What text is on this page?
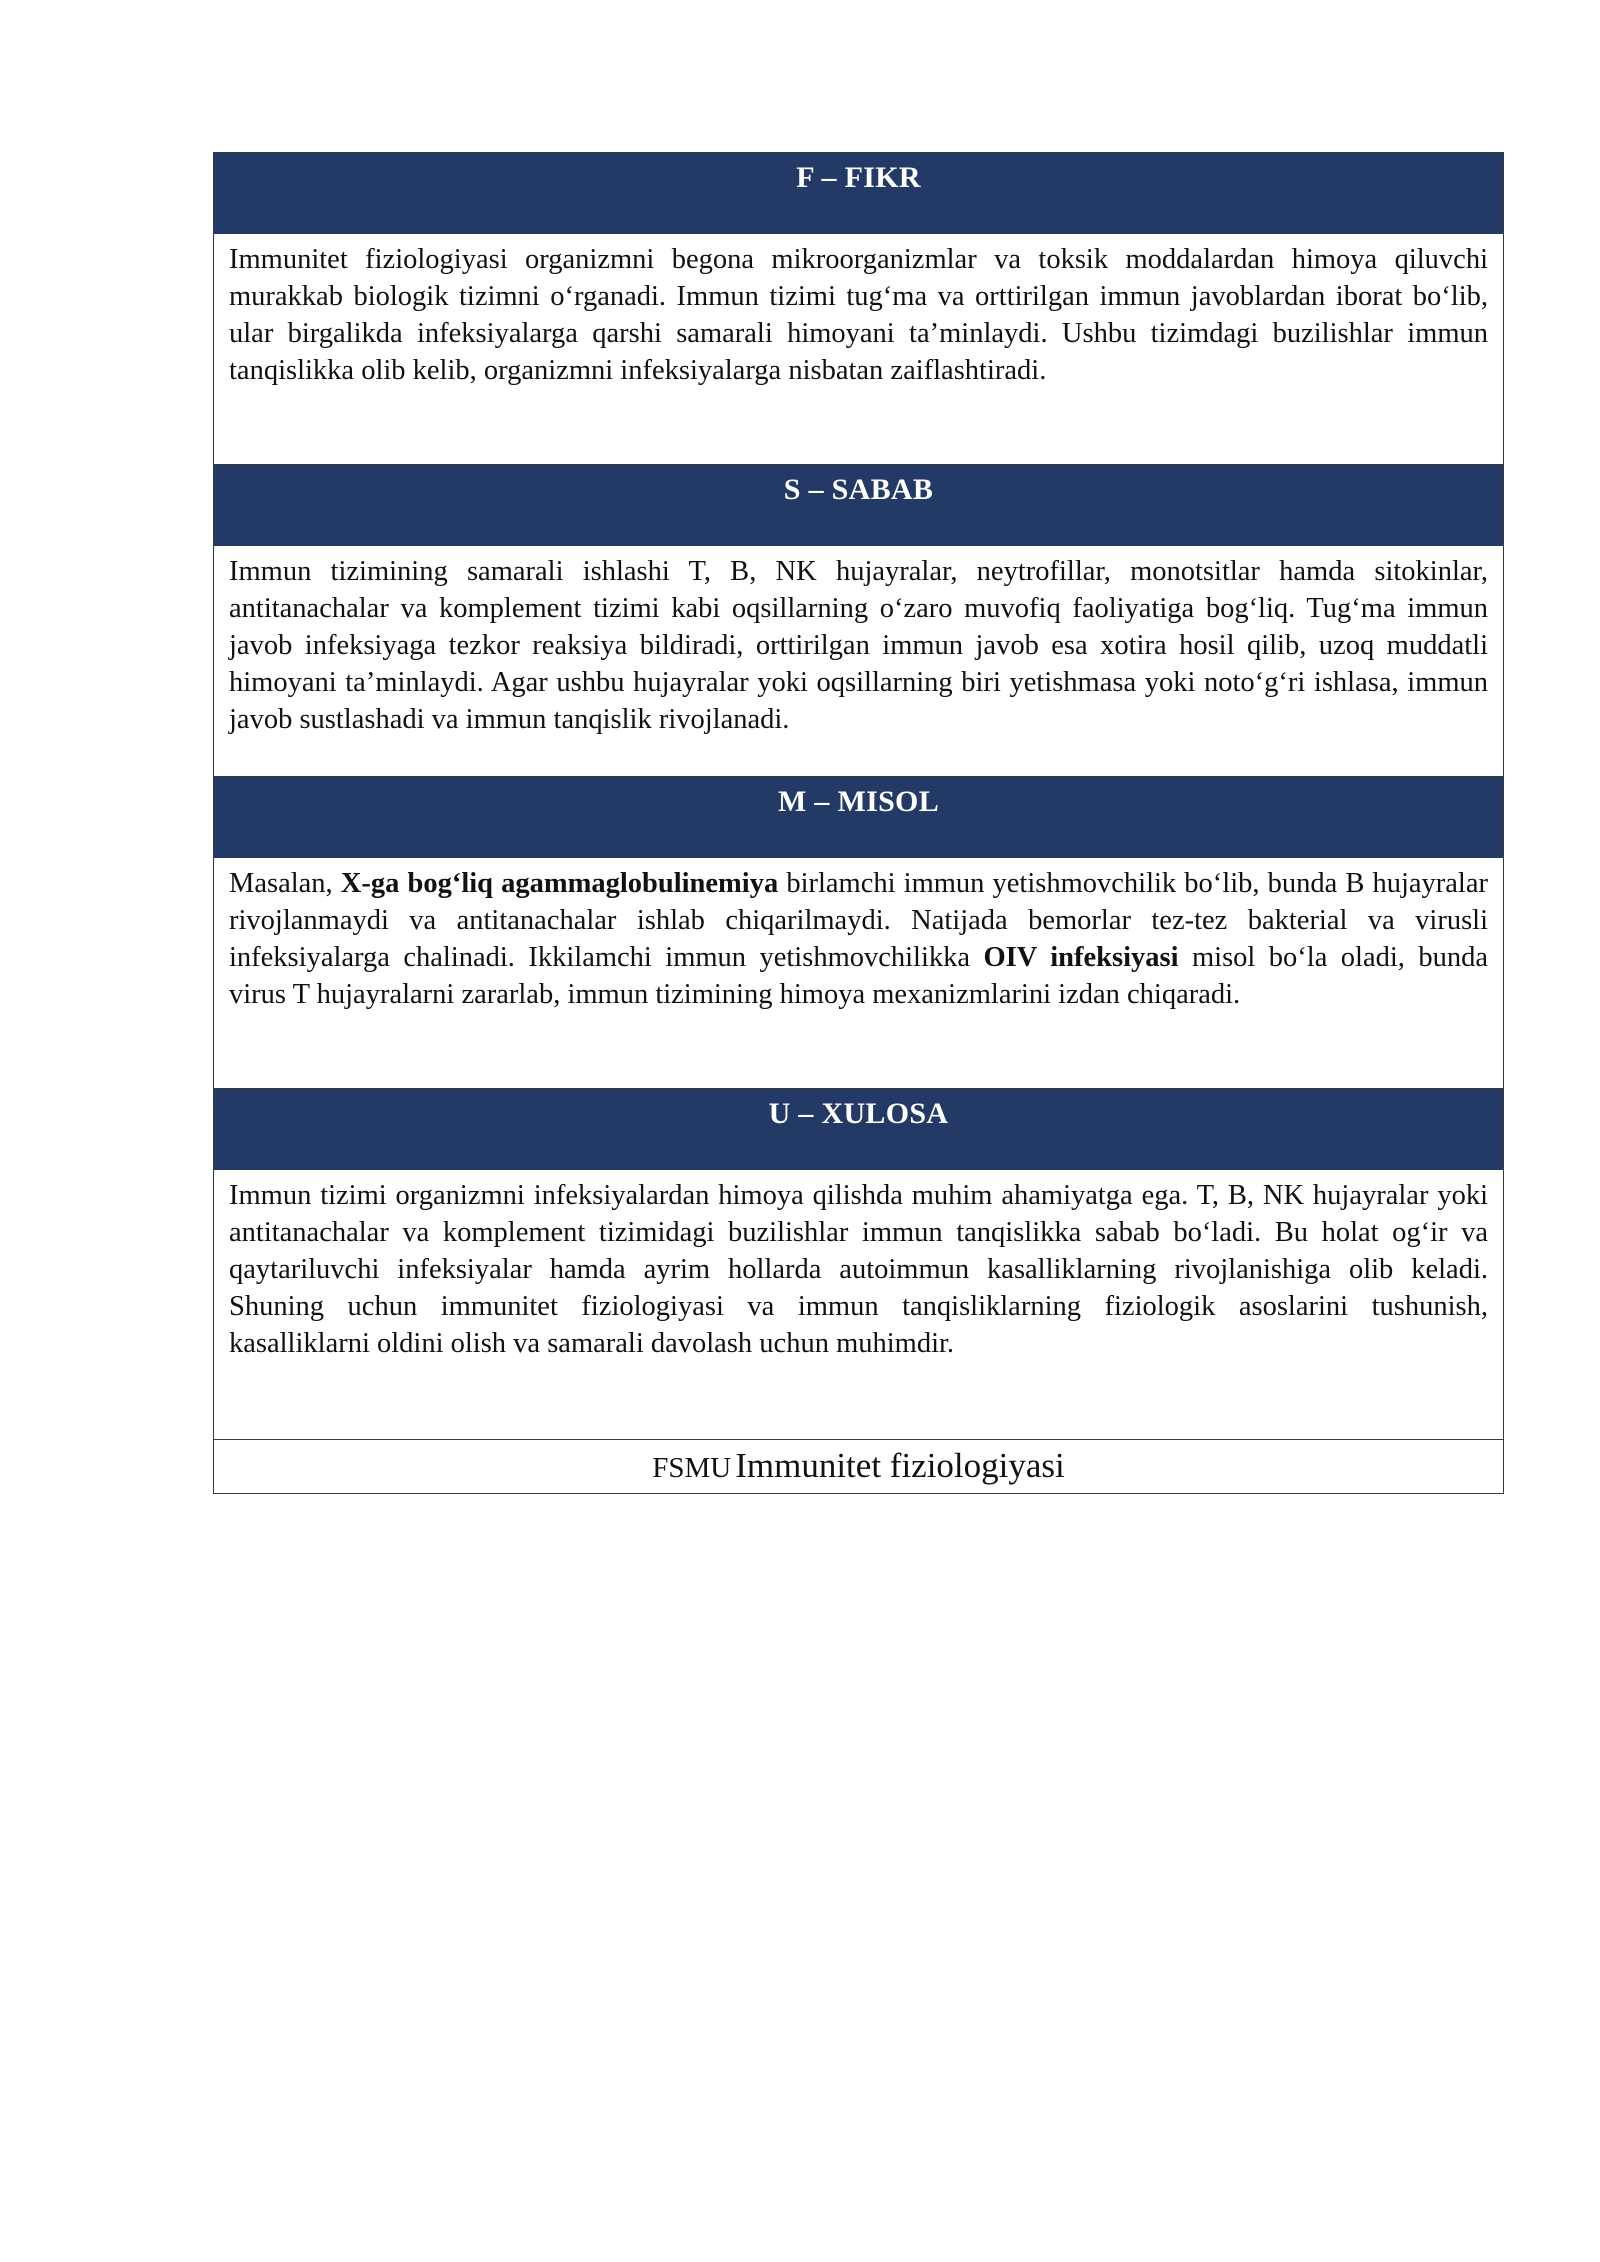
F – FIKR
Immunitet fiziologiyasi organizmni begona mikroorganizmlar va toksik moddalardan himoya qiluvchi murakkab biologik tizimni o‘rganadi. Immun tizimi tug‘ma va orttirilgan immun javoblardan iborat bo‘lib, ular birgalikda infeksiyalarga qarshi samarali himoyani ta’minlaydi. Ushbu tizimdagi buzilishlar immun tanqislikka olib kelib, organizmni infeksiyalarga nisbatan zaiflashtiradi.
S – SABAB
Immun tizimining samarali ishlashi T, B, NK hujayralar, neytrofillar, monotsitlar hamda sitokinlar, antitanachalar va komplement tizimi kabi oqsillarning o‘zaro muvofiq faoliyatiga bog‘liq. Tug‘ma immun javob infeksiyaga tezkor reaksiya bildiradi, orttirilgan immun javob esa xotira hosil qilib, uzoq muddatli himoyani ta’minlaydi. Agar ushbu hujayralar yoki oqsillarning biri yetishmasa yoki noto‘g‘ri ishlasa, immun javob sustlashadi va immun tanqislik rivojlanadi.
M – MISOL
Masalan, X-ga bog‘liq agammaglobulinemiya birlamchi immun yetishmovchilik bo‘lib, bunda B hujayralar rivojlanmaydi va antitanachalar ishlab chiqarilmaydi. Natijada bemorlar tez-tez bakterial va virusli infeksiyalarga chalinadi. Ikkilamchi immun yetishmovchilikka OIV infeksiyasi misol bo‘la oladi, bunda virus T hujayralarni zararlab, immun tizimining himoya mexanizmlarini izdan chiqaradi.
U – XULOSA
Immun tizimi organizmni infeksiyalardan himoya qilishda muhim ahamiyatga ega. T, B, NK hujayralar yoki antitanachalar va komplement tizimidagi buzilishlar immun tanqislikka sabab bo‘ladi. Bu holat og‘ir va qaytariluvchi infeksiyalar hamda ayrim hollarda autoimmun kasalliklarning rivojlanishiga olib keladi. Shuning uchun immunitet fiziologiyasi va immun tanqisliklarning fiziologik asoslarini tushunish, kasalliklarni oldini olish va samarali davolash uchun muhimdir.
FSMU Immunitet fiziologiyasi
